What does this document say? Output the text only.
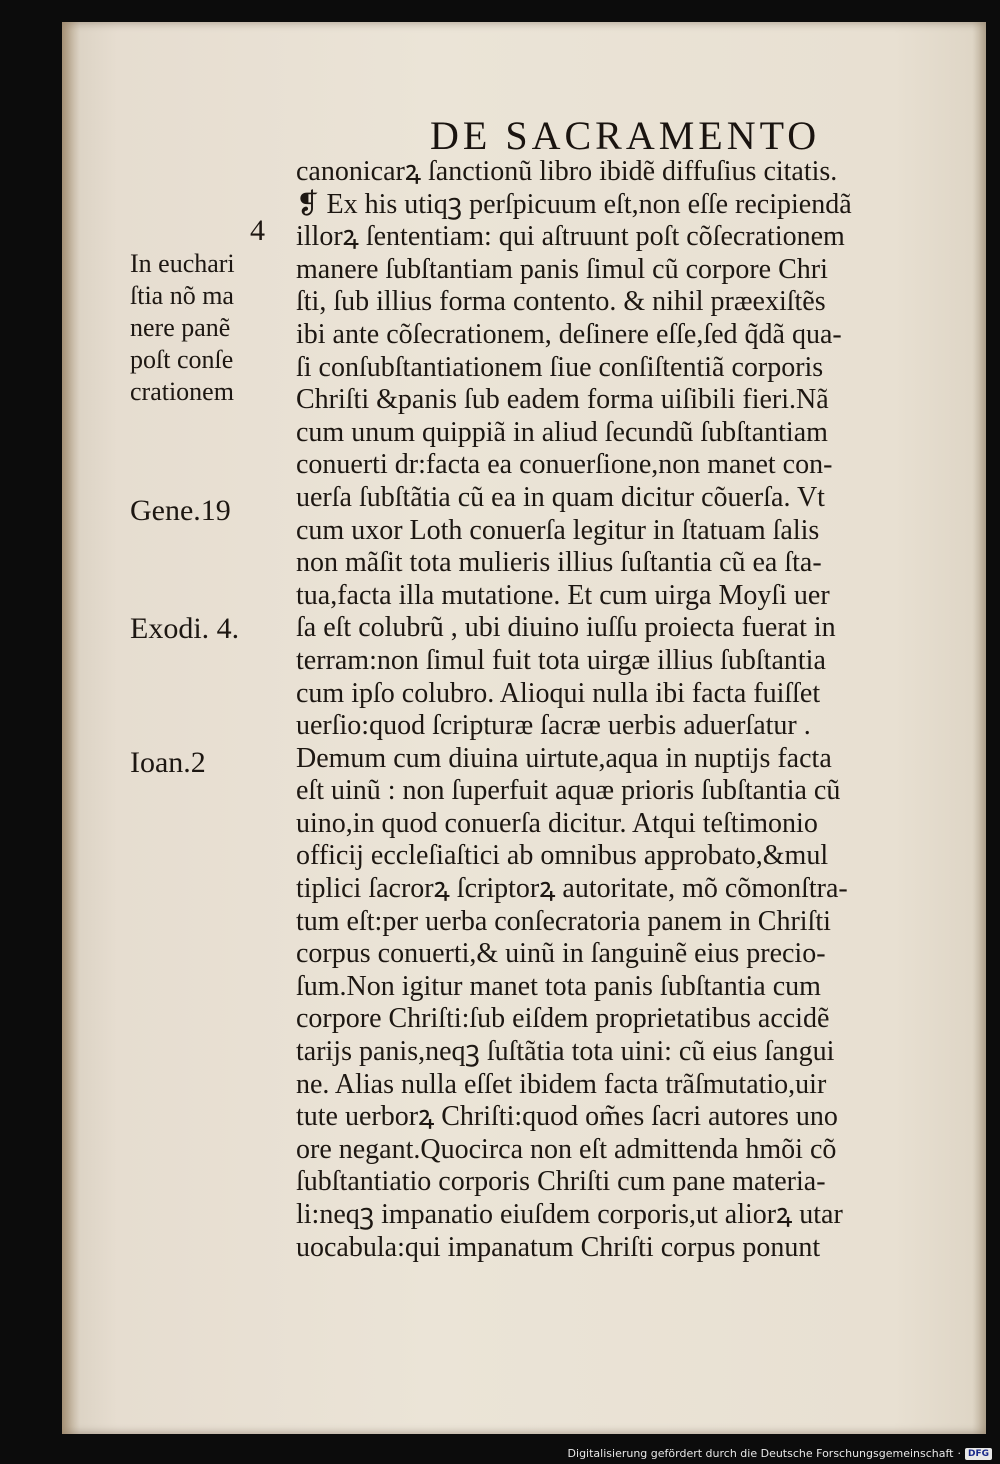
DE SACRAMENTO
4
In euchari
ſtia nõ ma
nere panẽ
poſt conſe
crationem
Gene.19
Exodi. 4.
Ioan.2
canonicarꝝ ſanctionũ libro ibidẽ diffuſius citatis.
❡ Ex his utiqꝫ perſpicuum eſt,non eſſe recipiendã
illorꝝ ſententiam: qui aſtruunt poſt cõſecrationem
manere ſubſtantiam panis ſimul cũ corpore Chri
ſti, ſub illius forma contento. & nihil præexiſtẽs
ibi ante cõſecrationem, deſinere eſſe,ſed q̃dã qua-
ſi conſubſtantiationem ſiue conſiſtentiã corporis
Chriſti &panis ſub eadem forma uiſibili fieri.Nã
cum unum quippiã in aliud ſecundũ ſubſtantiam
conuerti dr:facta ea conuerſione,non manet con-
uerſa ſubſtãtia cũ ea in quam dicitur cõuerſa. Vt
cum uxor Loth conuerſa legitur in ſtatuam ſalis
non mãſit tota mulieris illius ſuſtantia cũ ea ſta-
tua,facta illa mutatione. Et cum uirga Moyſi uer
ſa eſt colubrũ , ubi diuino iuſſu proiecta fuerat in
terram:non ſimul fuit tota uirgæ illius ſubſtantia
cum ipſo colubro. Alioqui nulla ibi facta fuiſſet
uerſio:quod ſcripturæ ſacræ uerbis aduerſatur .
Demum cum diuina uirtute,aqua in nuptijs facta
eſt uinũ : non ſuperfuit aquæ prioris ſubſtantia cũ
uino,in quod conuerſa dicitur. Atqui teſtimonio
officij eccleſiaſtici ab omnibus approbato,&mul
tiplici ſacrorꝝ ſcriptorꝝ autoritate, mõ cõmonſtra-
tum eſt:per uerba conſecratoria panem in Chriſti
corpus conuerti,& uinũ in ſanguinẽ eius precio-
ſum.Non igitur manet tota panis ſubſtantia cum
corpore Chriſti:ſub eiſdem proprietatibus accidẽ
tarijs panis,neqꝫ ſuſtãtia tota uini: cũ eius ſangui
ne. Alias nulla eſſet ibidem facta trãſmutatio,uir
tute uerborꝝ Chriſti:quod om̃es ſacri autores uno
ore negant.Quocirca non eſt admittenda hmõi cõ
ſubſtantiatio corporis Chriſti cum pane materia-
li:neqꝫ impanatio eiuſdem corporis,ut aliorꝝ utar
uocabula:qui impanatum Chriſti corpus ponunt
Digitalisierung gefördert durch die Deutsche Forschungsgemeinschaft · DFG
